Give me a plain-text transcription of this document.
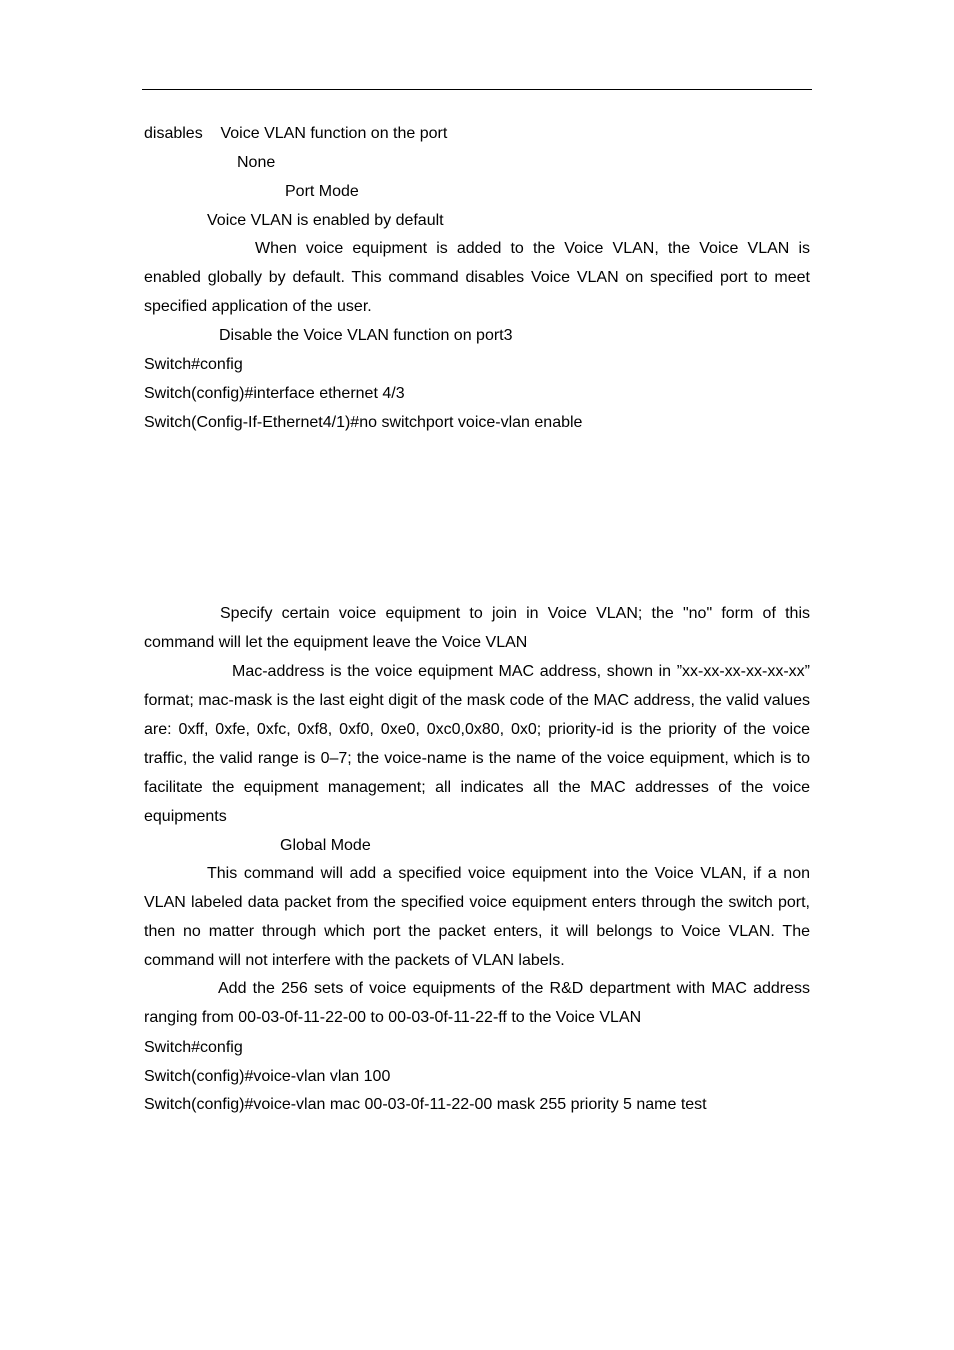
disables    Voice VLAN function on the port
None
Port Mode
Voice VLAN is enabled by default
When voice equipment is added to the Voice VLAN, the Voice VLAN is enabled globally by default. This command disables Voice VLAN on specified port to meet specified application of the user.
Disable the Voice VLAN function on port3
Switch#config
Switch(config)#interface ethernet 4/3
Switch(Config-If-Ethernet4/1)#no switchport voice-vlan enable
Specify certain voice equipment to join in Voice VLAN; the "no" form of this command will let the equipment leave the Voice VLAN
Mac-address is the voice equipment MAC address, shown in ”xx-xx-xx-xx-xx-xx” format; mac-mask is the last eight digit of the mask code of the MAC address, the valid values are: 0xff, 0xfe, 0xfc, 0xf8, 0xf0, 0xe0, 0xc0,0x80, 0x0; priority-id is the priority of the voice traffic, the valid range is 0–7; the voice-name is the name of the voice equipment, which is to facilitate the equipment management; all indicates all the MAC addresses of the voice equipments
Global Mode
This command will add a specified voice equipment into the Voice VLAN, if a non VLAN labeled data packet from the specified voice equipment enters through the switch port, then no matter through which port the packet enters, it will belongs to Voice VLAN. The command will not interfere with the packets of VLAN labels.
Add the 256 sets of voice equipments of the R&D department with MAC address ranging from 00-03-0f-11-22-00 to 00-03-0f-11-22-ff to the Voice VLAN
Switch#config
Switch(config)#voice-vlan vlan 100
Switch(config)#voice-vlan mac 00-03-0f-11-22-00 mask 255 priority 5 name test
